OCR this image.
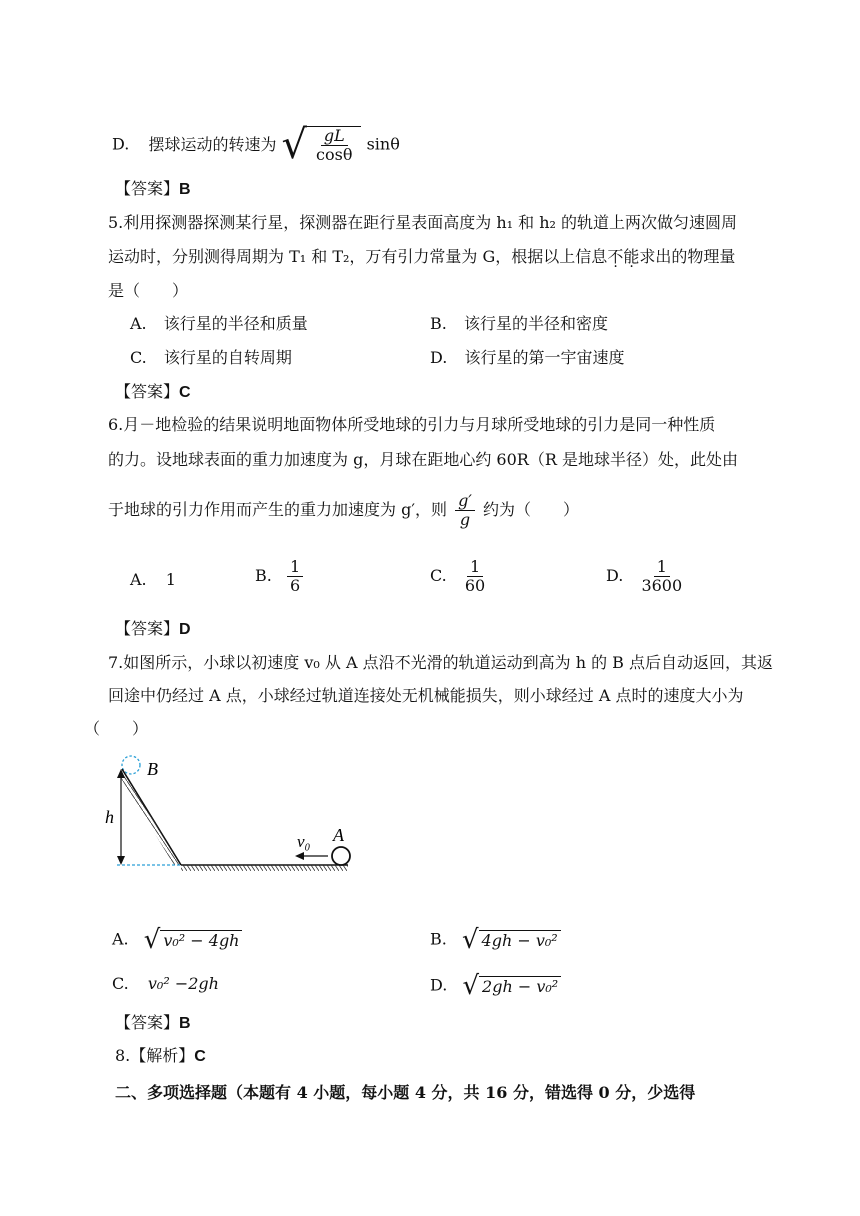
D. 摆球运动的转速为 √ $\frac{gL}{\cos\theta}$ sinθ
【答案】B
5.利用探测器探测某行星，探测器在距行星表面高度为 h₁ 和 h₂ 的轨道上两次做匀速圆周
运动时，分别测得周期为 T₁ 和 T₂，万有引力常量为 G，根据以上信息不能求出的物理量
是（　　）
A. 该行星的半径和质量	B. 该行星的半径和密度
C. 该行星的自转周期	D. 该行星的第一宇宙速度
【答案】C
6.月－地检验的结果说明地面物体所受地球的引力与月球所受地球的引力是同一种性质
的力。设地球表面的重力加速度为 g，月球在距地心约 60R（R 是地球半径）处，此处由
于地球的引力作用而产生的重力加速度为 g′，则 $\frac{g'}{g}$ 约为（　　）
A. 1	B. $\frac{1}{6}$	C. $\frac{1}{60}$	D. $\frac{1}{3600}$
【答案】D
7.如图所示，小球以初速度 v₀ 从 A 点沿不光滑的轨道运动到高为 h 的 B 点后自动返回，其返
回途中仍经过 A 点，小球经过轨道连接处无机械能损失，则小球经过 A 点时的速度大小为
（　　）
B
h
v₀ A
A. √ v₀² − 4gh	B. √ 4gh − v₀²
C. v₀² −2gh	D. √ 2gh − v₀²
【答案】B
8.【解析】C
二、多项选择题（本题有 4 小题，每小题 4 分，共 16 分，错选得 0 分，少选得
